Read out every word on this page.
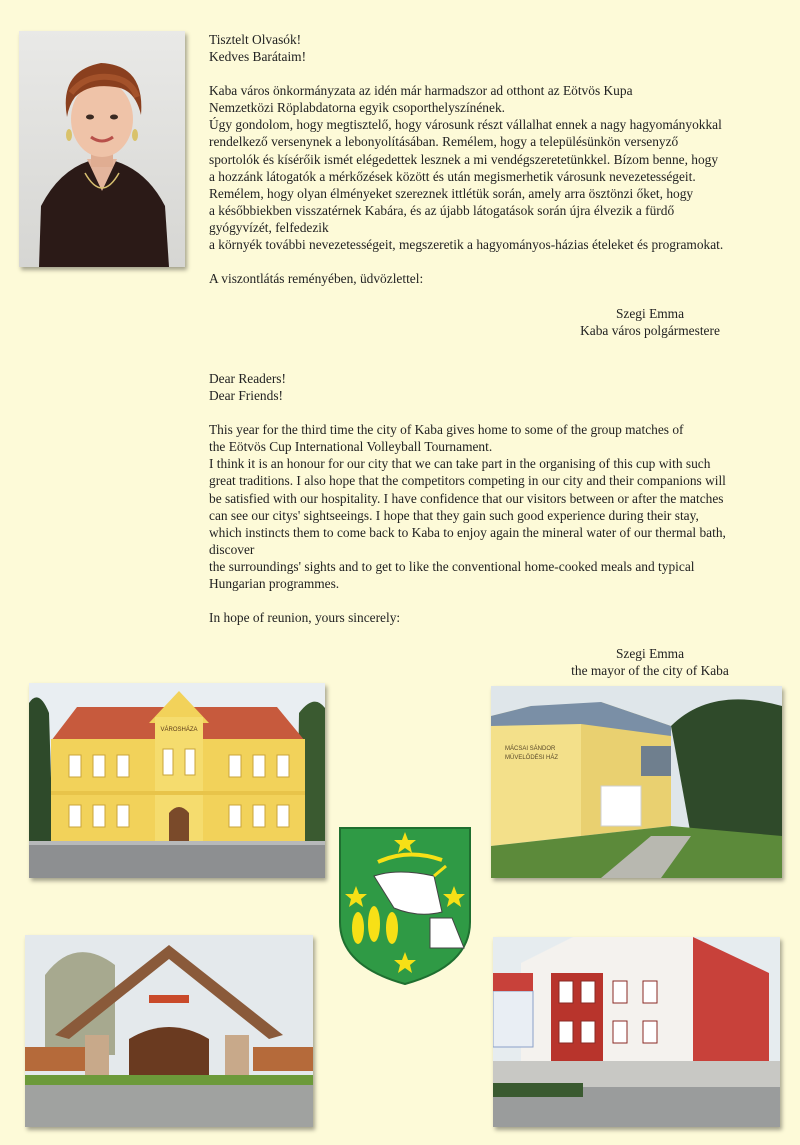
Tisztelt Olvasók!

Kedves Barátaim!

Kaba város önkormányzata az idén már harmadszor ad otthont az Eötvös Kupa

Nemzetközi Röplabdatorna egyik csoporthelyszínének.

Úgy gondolom, hogy megtisztelő, hogy városunk részt vállalhat ennek a nagy hagyományokkal

rendelkező versenynek a lebonyolításában. Remélem, hogy a településünkön versenyző

sportolók és kísérőik ismét elégedettek lesznek a mi vendégszeretetünkkel. Bízom benne, hogy

a hozzánk látogatók a mérkőzések között és után megismerhetik városunk nevezetességeit.

Remélem, hogy olyan élményeket szereznek ittlétük során, amely arra ösztönzi őket, hogy

a későbbiekben visszatérnek Kabára, és az újabb látogatások során újra élvezik a fürdő

gyógyvízét, felfedezik

a környék további nevezetességeit, megszeretik a hagyományos-házias ételeket és programokat.

A viszontlátás reményében, üdvözlettel:

Szegi Emma

Kaba város polgármestere

Dear Readers!

Dear Friends!

This year for the third time the city of Kaba gives home to some of the group matches of

the Eötvös Cup International Volleyball Tournament.

I think it is an honour for our city that we can take part in the organising of this cup with such

great traditions. I also hope that the competitors competing in our city and their companions will

be satisfied with our hospitality. I have confidence that our visitors between or after the matches

can see our citys' sightseeings. I hope that they gain such good experience during their stay,

which instincts them to come back to Kaba to enjoy again the mineral water of our thermal bath,

discover

the surroundings' sights and to get to like the conventional home-cooked meals and typical

Hungarian programmes.

In hope of reunion, yours sincerely:

Szegi Emma

the mayor of the city of Kaba

VÁROSHÁZA
MÁCSAI SÁNDOR
MŰVELŐDÉSI HÁZ
